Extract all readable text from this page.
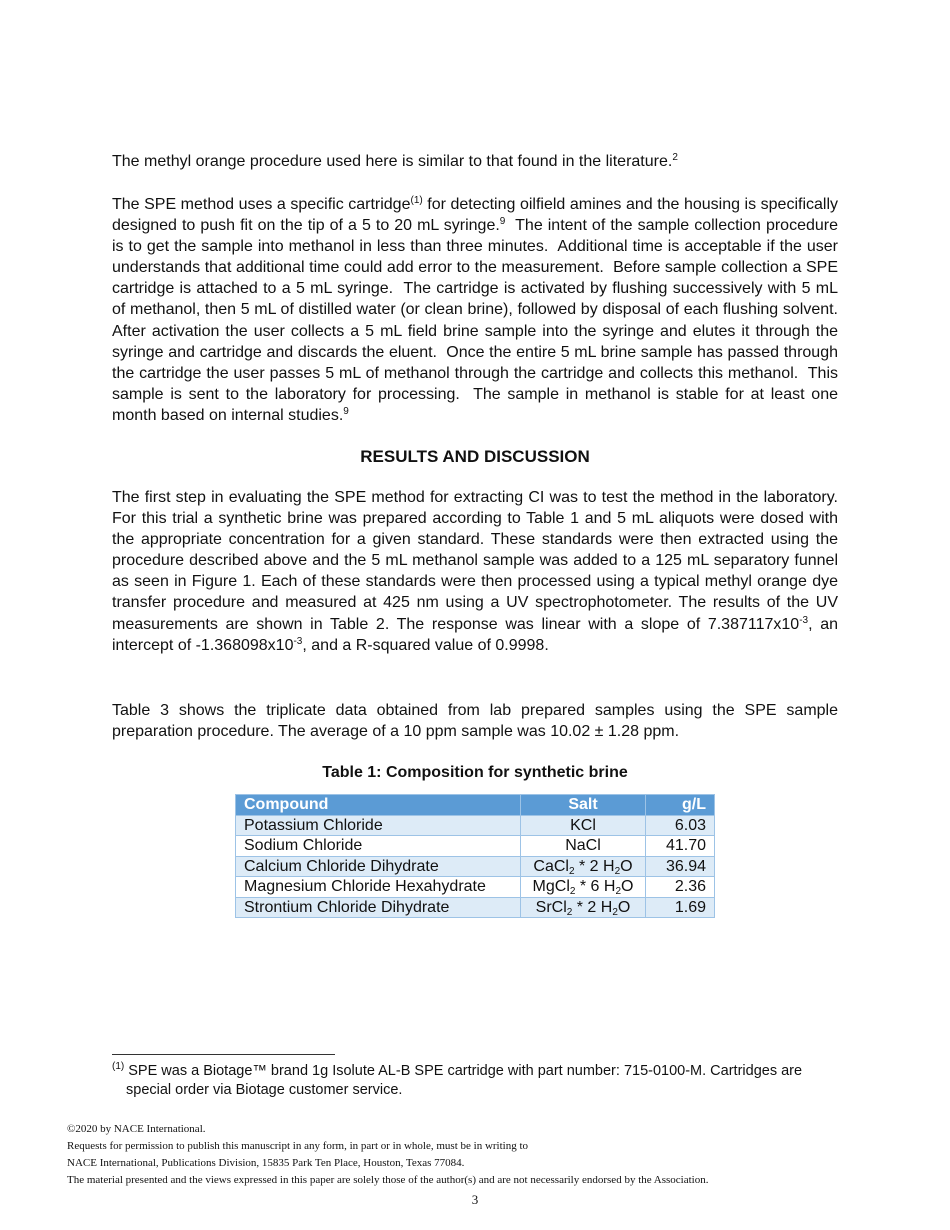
The methyl orange procedure used here is similar to that found in the literature.$^2$
The SPE method uses a specific cartridge$^{(1)}$ for detecting oilfield amines and the housing is specifically designed to push fit on the tip of a 5 to 20 mL syringe.$^9$  The intent of the sample collection procedure is to get the sample into methanol in less than three minutes.  Additional time is acceptable if the user understands that additional time could add error to the measurement.  Before sample collection a SPE cartridge is attached to a 5 mL syringe.  The cartridge is activated by flushing successively with 5 mL of methanol, then 5 mL of distilled water (or clean brine), followed by disposal of each flushing solvent.  After activation the user collects a 5 mL field brine sample into the syringe and elutes it through the syringe and cartridge and discards the eluent.  Once the entire 5 mL brine sample has passed through the cartridge the user passes 5 mL of methanol through the cartridge and collects this methanol.  This sample is sent to the laboratory for processing.  The sample in methanol is stable for at least one month based on internal studies.$^9$
RESULTS AND DISCUSSION
The first step in evaluating the SPE method for extracting CI was to test the method in the laboratory. For this trial a synthetic brine was prepared according to Table 1 and 5 mL aliquots were dosed with the appropriate concentration for a given standard. These standards were then extracted using the procedure described above and the 5 mL methanol sample was added to a 125 mL separatory funnel as seen in Figure 1. Each of these standards were then processed using a typical methyl orange dye transfer procedure and measured at 425 nm using a UV spectrophotometer. The results of the UV measurements are shown in Table 2. The response was linear with a slope of $7.387117x10^{-3}$, an intercept of $-1.368098x10^{-3}$, and a R-squared value of 0.9998.
Table 3 shows the triplicate data obtained from lab prepared samples using the SPE sample preparation procedure. The average of a 10 ppm sample was 10.02 ± 1.28 ppm.
Table 1: Composition for synthetic brine
Compound	Salt	g/L
Potassium Chloride	KCl	6.03
Sodium Chloride	NaCl	41.70
Calcium Chloride Dihydrate	CaCl$_2$ * 2 $H_2O$	36.94
Magnesium Chloride Hexahydrate	MgCl$_2$ * 6 $H_2O$	2.36
Strontium Chloride Dihydrate	SrCl$_2$ * 2 $H_2O$	1.69
$^{(1)}$ SPE was a Biotage™ brand 1g Isolute AL-B SPE cartridge with part number: 715-0100-M. Cartridges are special order via Biotage customer service.
©2020 by NACE International.
Requests for permission to publish this manuscript in any form, in part or in whole, must be in writing to
NACE International, Publications Division, 15835 Park Ten Place, Houston, Texas 77084.
The material presented and the views expressed in this paper are solely those of the author(s) and are not necessarily endorsed by the Association.
3
